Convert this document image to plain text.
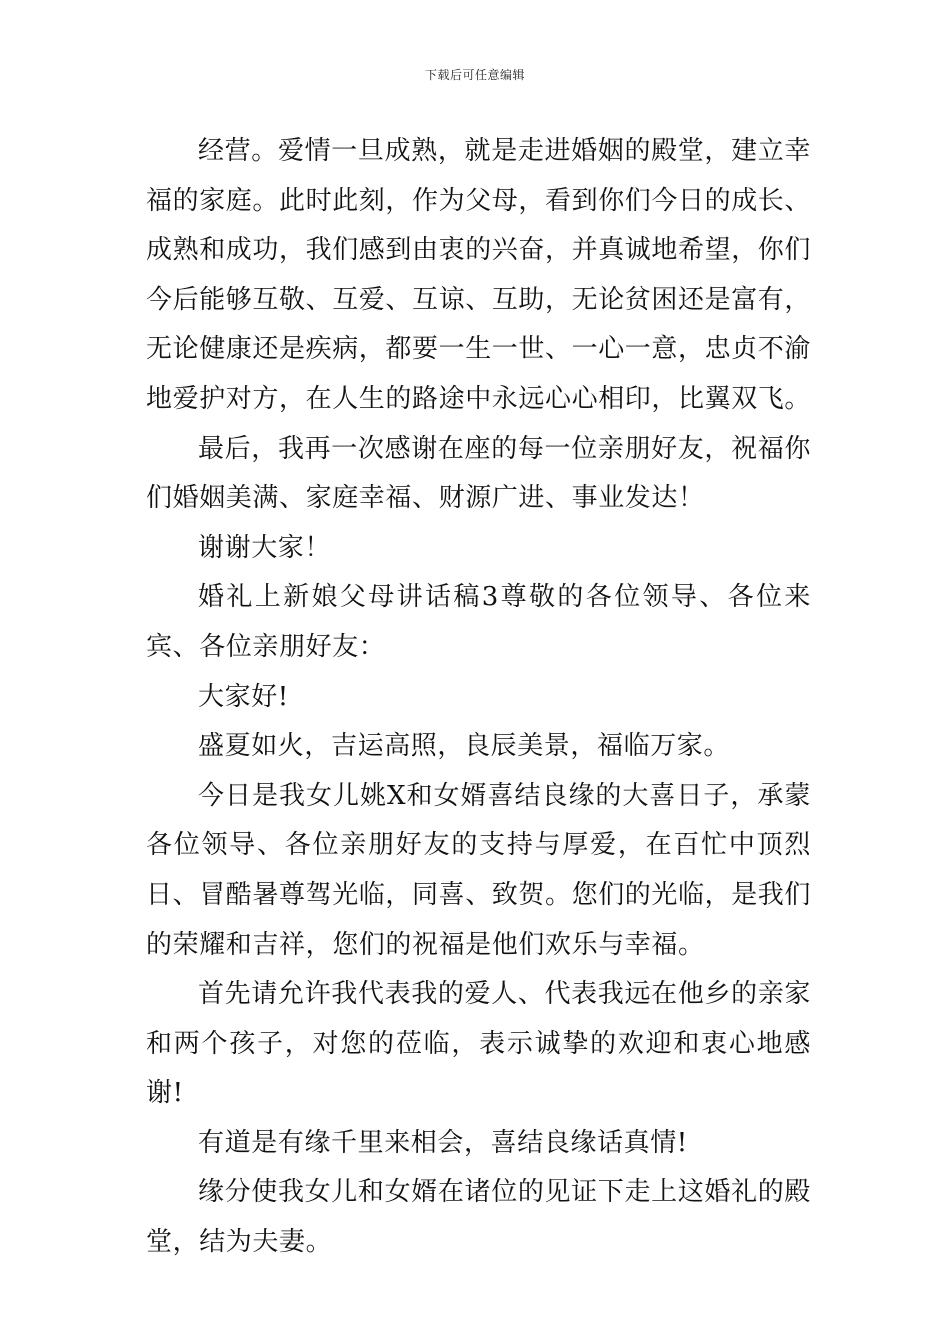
下载后可任意编辑

经营。爱情一旦成熟，就是走进婚姻的殿堂，建立幸福的家庭。此时此刻，作为父母，看到你们今日的成长、成熟和成功，我们感到由衷的兴奋，并真诚地希望，你们今后能够互敬、互爱、互谅、互助，无论贫困还是富有，无论健康还是疾病，都要一生一世、一心一意，忠贞不渝地爱护对方，在人生的路途中永远心心相印，比翼双飞。

最后，我再一次感谢在座的每一位亲朋好友，祝福你们婚姻美满、家庭幸福、财源广进、事业发达！

谢谢大家！

婚礼上新娘父母讲话稿3尊敬的各位领导、各位来宾、各位亲朋好友：

大家好!

盛夏如火，吉运高照，良辰美景，福临万家。

今日是我女儿姚X和女婿喜结良缘的大喜日子，承蒙各位领导、各位亲朋好友的支持与厚爱，在百忙中顶烈日、冒酷暑尊驾光临，同喜、致贺。您们的光临，是我们的荣耀和吉祥，您们的祝福是他们欢乐与幸福。

首先请允许我代表我的爱人、代表我远在他乡的亲家和两个孩子，对您的莅临，表示诚挚的欢迎和衷心地感谢!

有道是有缘千里来相会，喜结良缘话真情!

缘分使我女儿和女婿在诸位的见证下走上这婚礼的殿堂，结为夫妻。
